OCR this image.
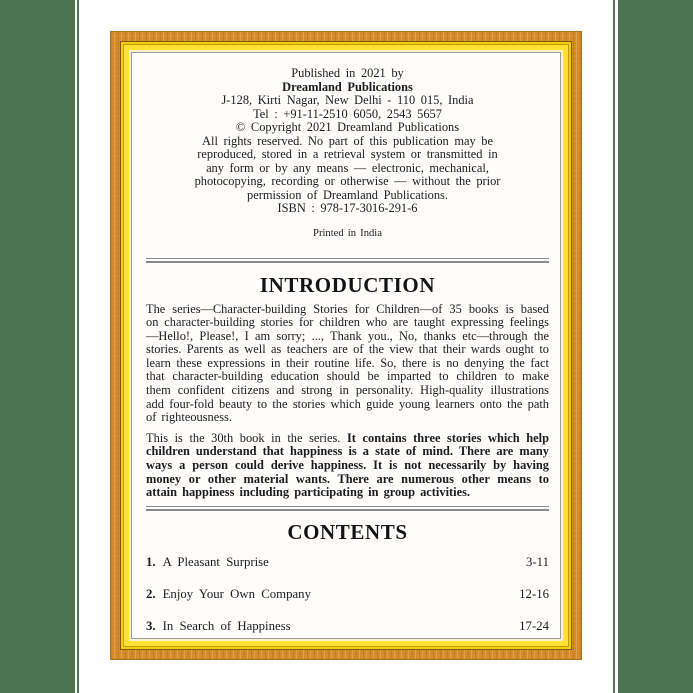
Published in 2021 by
Dreamland Publications
J-128, Kirti Nagar, New Delhi - 110 015, India
Tel : +91-11-2510 6050, 2543 5657
© Copyright 2021 Dreamland Publications
All rights reserved. No part of this publication may be
reproduced, stored in a retrieval system or transmitted in
any form or by any means — electronic, mechanical,
photocopying, recording or otherwise — without the prior
permission of Dreamland Publications.
ISBN : 978-17-3016-291-6
Printed in India
INTRODUCTION
The series—Character-building Stories for Children—of 35 books is based on character-building stories for children who are taught expressing feelings—Hello!, Please!, I am sorry; ..., Thank you., No, thanks etc—through the stories. Parents as well as teachers are of the view that their wards ought to learn these expressions in their routine life. So, there is no denying the fact that character-building education should be imparted to children to make them confident citizens and strong in personality. High-quality illustrations add four-fold beauty to the stories which guide young learners onto the path of righteousness.
This is the 30th book in the series. It contains three stories which help children understand that happiness is a state of mind. There are many ways a person could derive happiness. It is not necessarily by having money or other material wants. There are numerous other means to attain happiness including participating in group activities.
CONTENTS
1. A Pleasant Surprise	3-11
2. Enjoy Your Own Company	12-16
3. In Search of Happiness	17-24
